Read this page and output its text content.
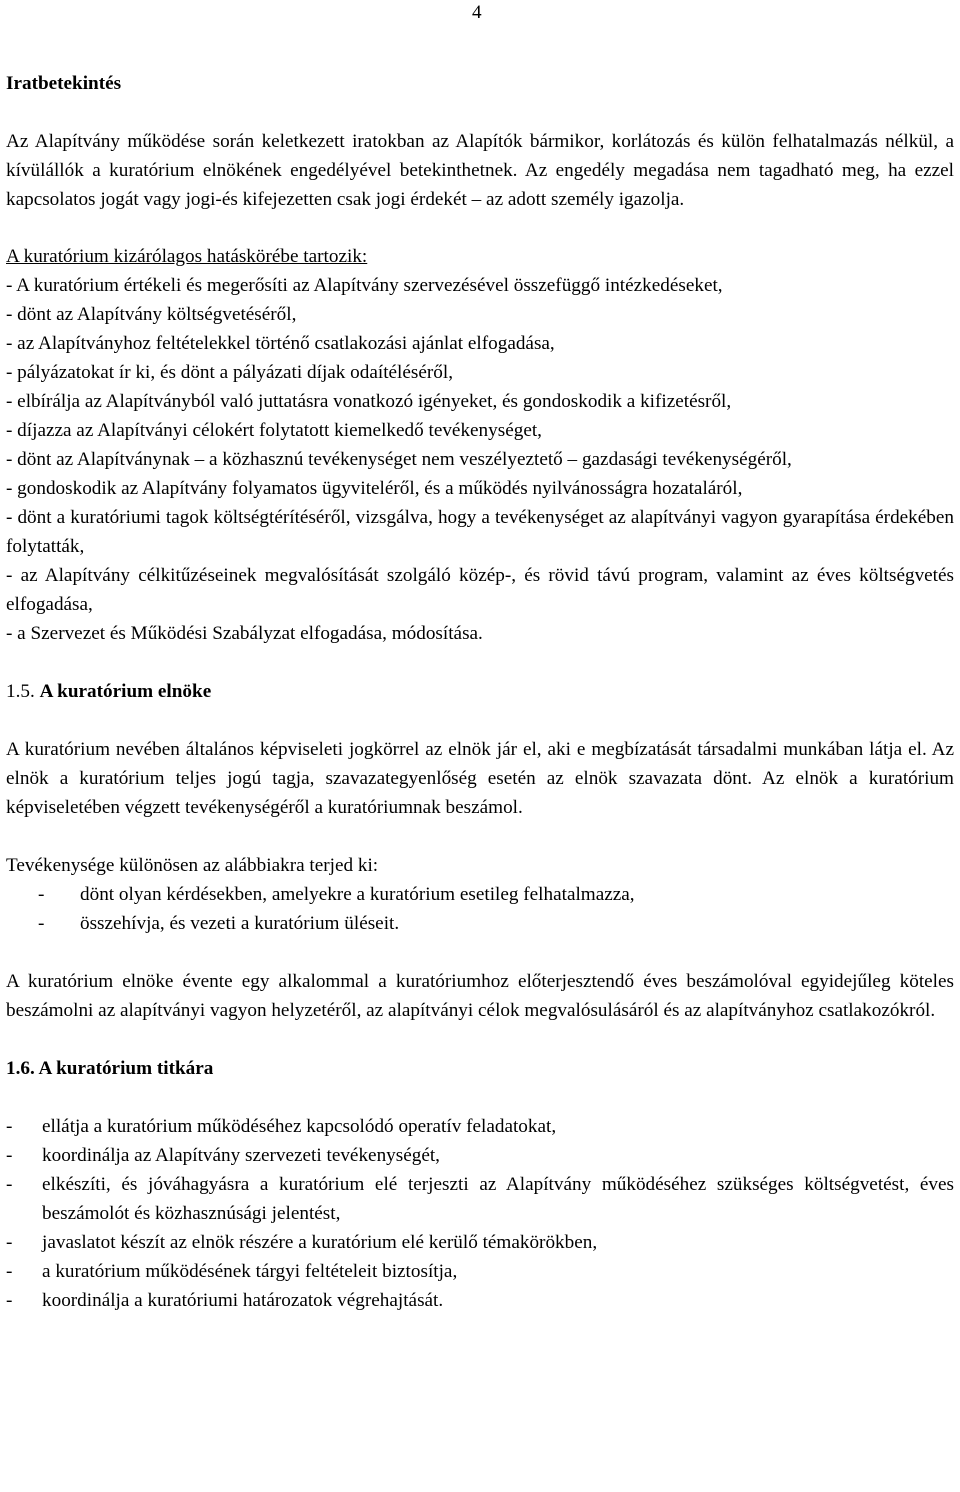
4

Iratbetekintés

Az Alapítvány működése során keletkezett iratokban az Alapítók bármikor, korlátozás és külön felhatalmazás nélkül, a kívülállók a kuratórium elnökének engedélyével betekinthetnek. Az engedély megadása nem tagadható meg, ha ezzel kapcsolatos jogát vagy jogi-és kifejezetten csak jogi érdekét – az adott személy igazolja.

A kuratórium kizárólagos hatáskörébe tartozik:

- A kuratórium értékeli és megerősíti az Alapítvány szervezésével összefüggő intézkedéseket,

- dönt az Alapítvány költségvetéséről,

- az Alapítványhoz feltételekkel történő csatlakozási ajánlat elfogadása,

- pályázatokat ír ki, és dönt a pályázati díjak odaítéléséről,

- elbírálja az Alapítványból való juttatásra vonatkozó igényeket, és gondoskodik a kifizetésről,

- díjazza az Alapítványi célokért folytatott kiemelkedő tevékenységet,

- dönt az Alapítványnak – a közhasznú tevékenységet nem veszélyeztető – gazdasági tevékenységéről,

- gondoskodik az Alapítvány folyamatos ügyviteléről, és a működés nyilvánosságra hozataláról,

- dönt a kuratóriumi tagok költségtérítéséről, vizsgálva, hogy a tevékenységet az alapítványi vagyon gyarapítása érdekében folytatták,

- az Alapítvány célkitűzéseinek megvalósítását szolgáló közép-, és rövid távú program, valamint az éves költségvetés elfogadása,

- a Szervezet és Működési Szabályzat elfogadása, módosítása.

1.5. A kuratórium elnöke

A kuratórium nevében általános képviseleti jogkörrel az elnök jár el, aki e megbízatását társadalmi munkában látja el. Az elnök a kuratórium teljes jogú tagja, szavazategyenlőség esetén az elnök szavazata dönt. Az elnök a kuratórium képviseletében végzett tevékenységéről a kuratóriumnak beszámol.

Tevékenysége különösen az alábbiakra terjed ki:

-	dönt olyan kérdésekben, amelyekre a kuratórium esetileg felhatalmazza,
-	összehívja, és vezeti a kuratórium üléseit.

A kuratórium elnöke évente egy alkalommal a kuratóriumhoz előterjesztendő éves beszámolóval egyidejűleg köteles beszámolni az alapítványi vagyon helyzetéről, az alapítványi célok megvalósulásáról és az alapítványhoz csatlakozókról.

1.6. A kuratórium titkára

-	ellátja a kuratórium működéséhez kapcsolódó operatív feladatokat,
-	koordinálja az Alapítvány szervezeti tevékenységét,
-	elkészíti, és jóváhagyásra a kuratórium elé terjeszti az Alapítvány működéséhez szükséges költségvetést, éves beszámolót és közhasznúsági jelentést,
-	javaslatot készít az elnök részére a kuratórium elé kerülő témakörökben,
-	a kuratórium működésének tárgyi feltételeit biztosítja,
-	koordinálja a kuratóriumi határozatok végrehajtását.
